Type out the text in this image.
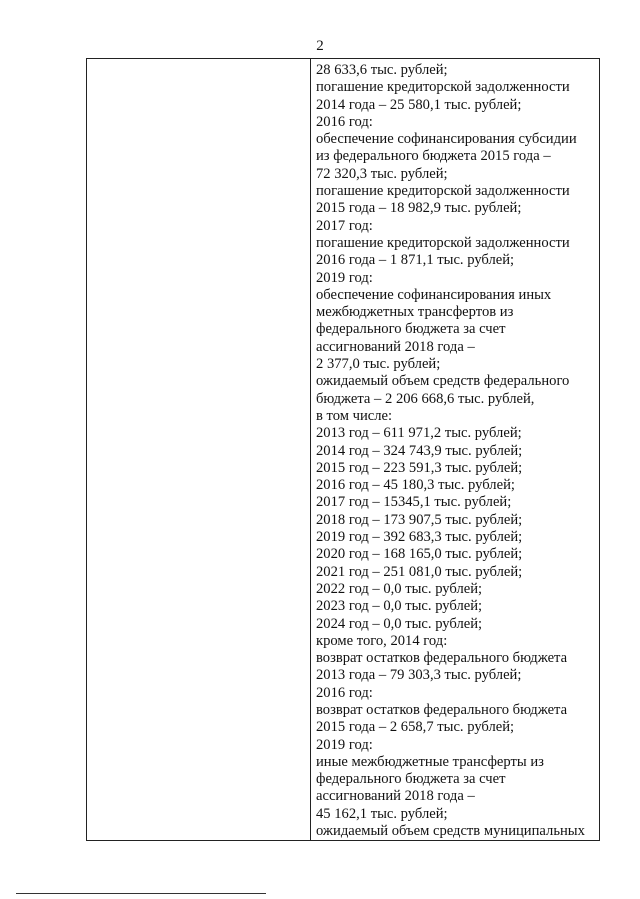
2

28 633,6 тыс. рублей;
погашение кредиторской задолженности
2014 года – 25 580,1 тыс. рублей;
2016 год:
обеспечение софинансирования субсидии
из федерального бюджета 2015 года –
72 320,3 тыс. рублей;
погашение кредиторской задолженности
2015 года – 18 982,9 тыс. рублей;
2017 год:
погашение кредиторской задолженности
2016 года – 1 871,1 тыс. рублей;
2019 год:
обеспечение софинансирования иных
межбюджетных трансфертов из
федерального бюджета за счет
ассигнований 2018 года –
2 377,0 тыс. рублей;
ожидаемый объем средств федерального
бюджета – 2 206 668,6 тыс. рублей,
в том числе:
2013 год – 611 971,2 тыс. рублей;
2014 год – 324 743,9 тыс. рублей;
2015 год – 223 591,3 тыс. рублей;
2016 год – 45 180,3 тыс. рублей;
2017 год – 15345,1 тыс. рублей;
2018 год – 173 907,5 тыс. рублей;
2019 год – 392 683,3 тыс. рублей;
2020 год – 168 165,0 тыс. рублей;
2021 год – 251 081,0 тыс. рублей;
2022 год – 0,0 тыс. рублей;
2023 год – 0,0 тыс. рублей;
2024 год – 0,0 тыс. рублей;
кроме того, 2014 год:
возврат остатков федерального бюджета
2013 года – 79 303,3 тыс. рублей;
2016 год:
возврат остатков федерального бюджета
2015 года – 2 658,7 тыс. рублей;
2019 год:
иные межбюджетные трансферты из
федерального бюджета за счет
ассигнований 2018 года –
45 162,1 тыс. рублей;
ожидаемый объем средств муниципальных
